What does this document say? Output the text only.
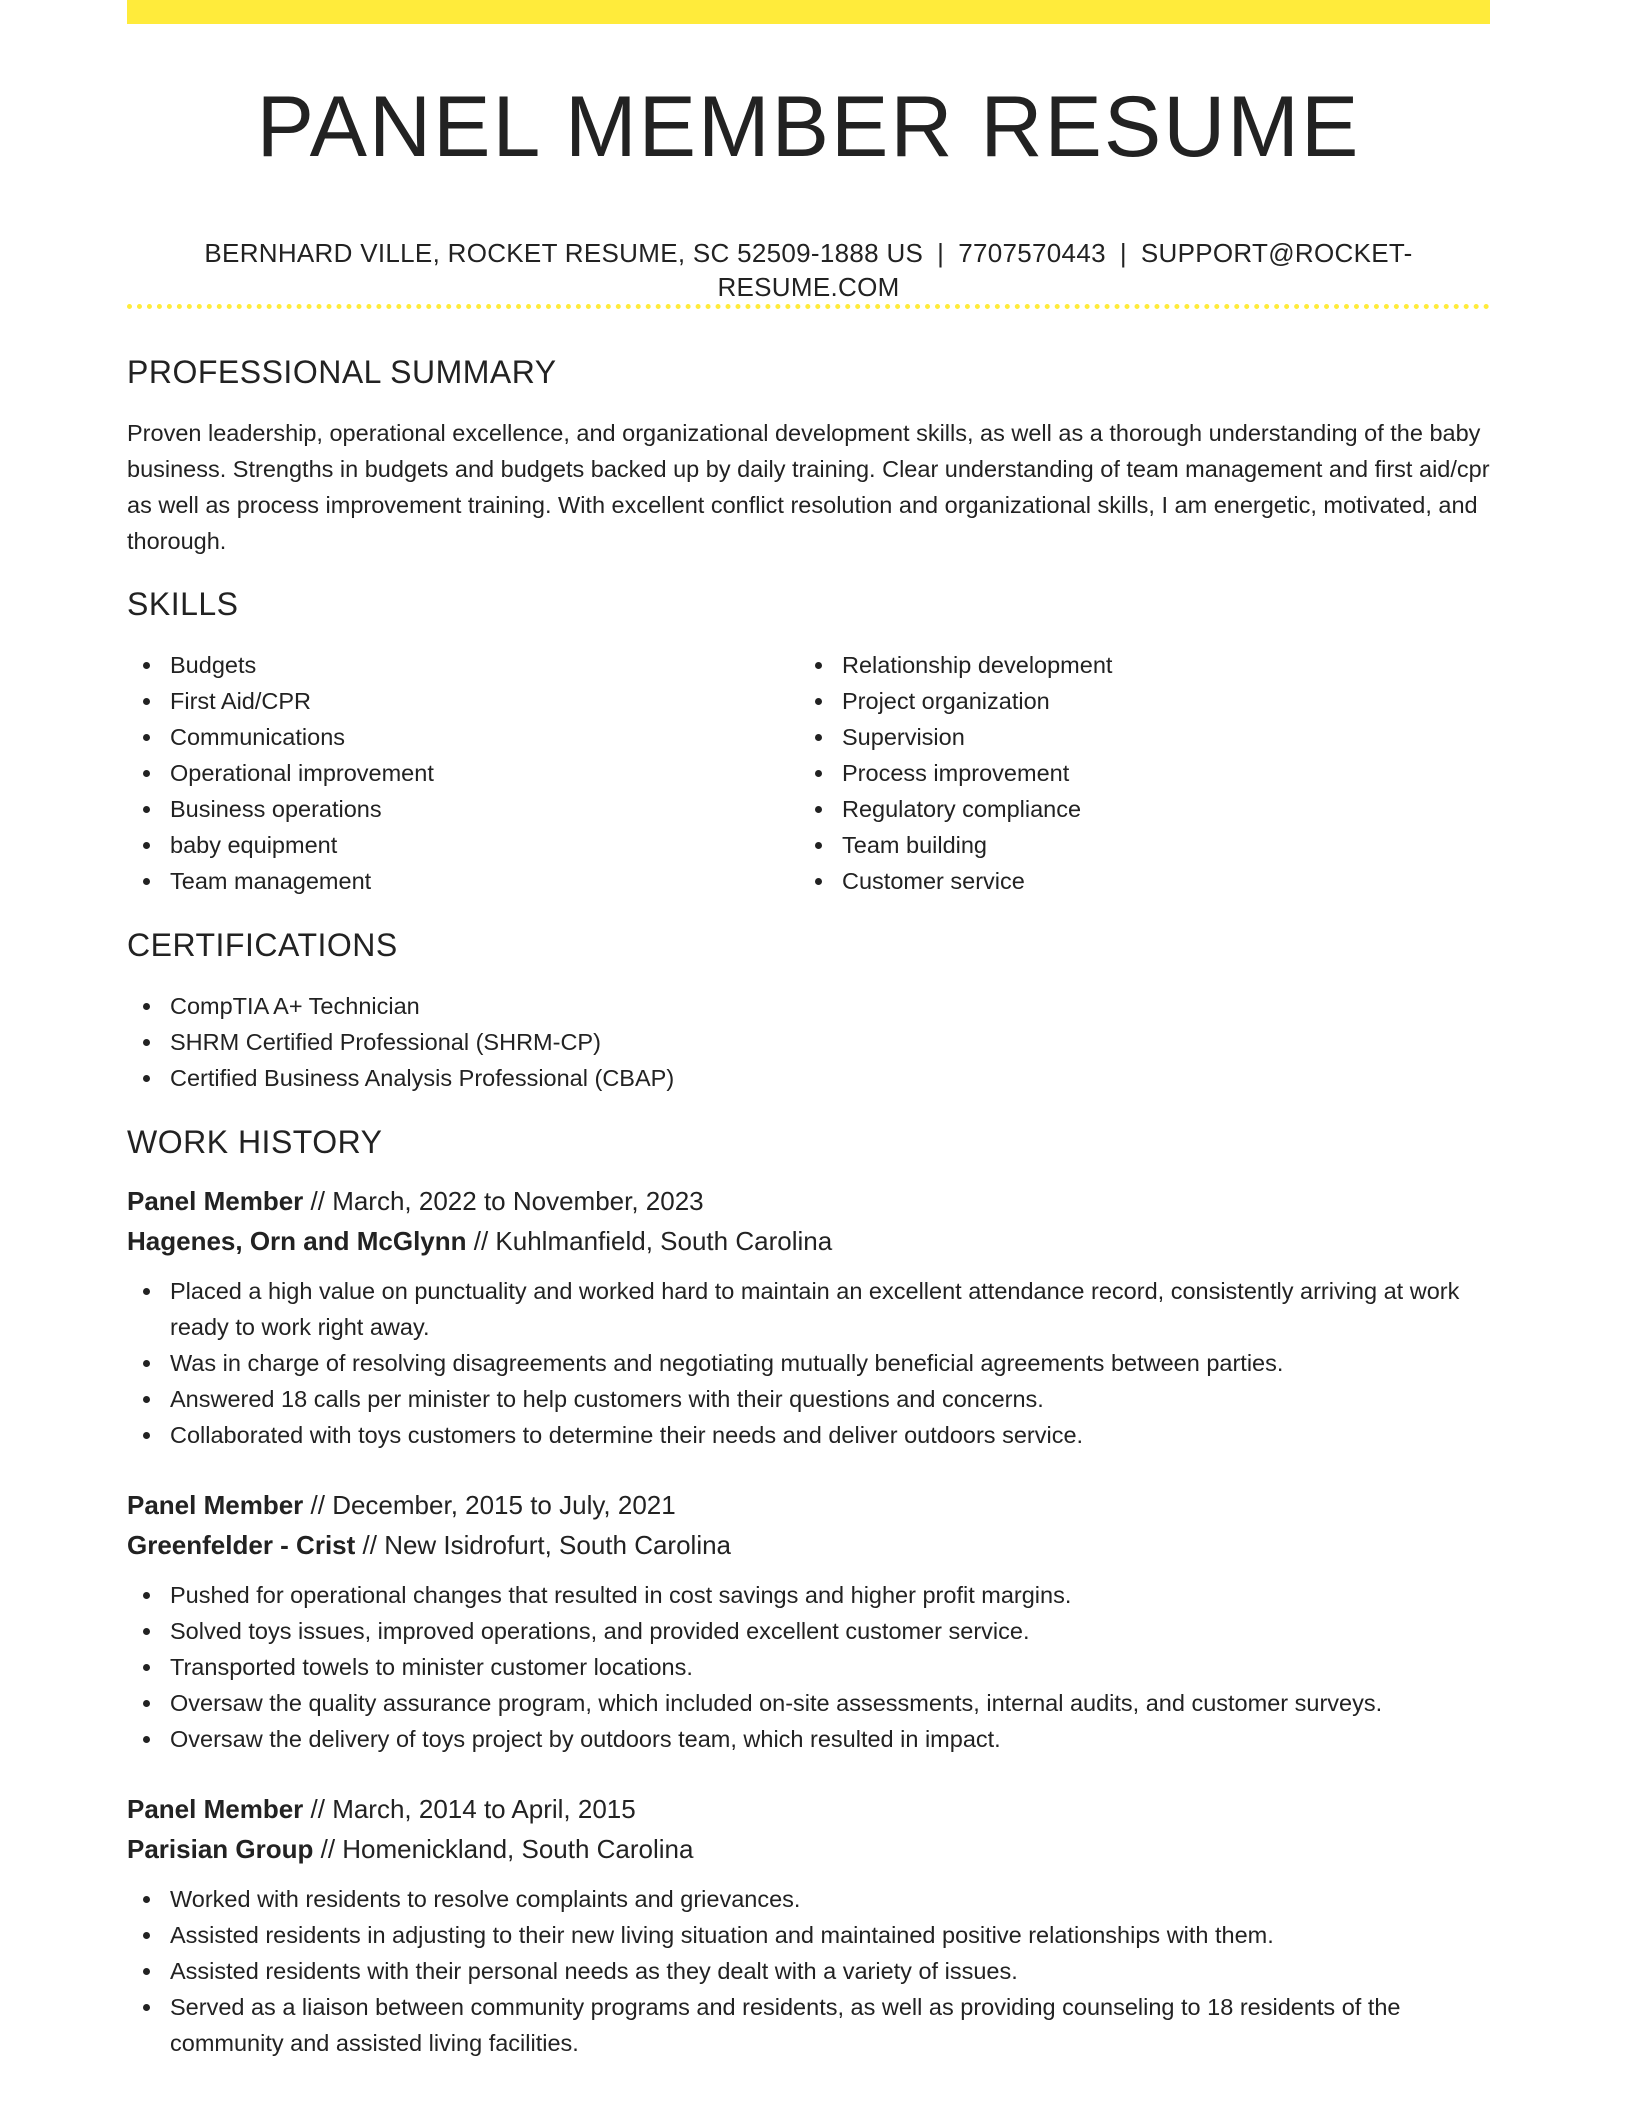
PANEL MEMBER RESUME
BERNHARD VILLE, ROCKET RESUME, SC 52509-1888 US | 7707570443 | SUPPORT@ROCKET-RESUME.COM
PROFESSIONAL SUMMARY

Proven leadership, operational excellence, and organizational development skills, as well as a thorough understanding of the baby business. Strengths in budgets and budgets backed up by daily training. Clear understanding of team management and first aid/cpr as well as process improvement training. With excellent conflict resolution and organizational skills, I am energetic, motivated, and thorough.

SKILLS
Budgets
First Aid/CPR
Communications
Operational improvement
Business operations
baby equipment
Team management
Relationship development
Project organization
Supervision
Process improvement
Regulatory compliance
Team building
Customer service
CERTIFICATIONS
CompTIA A+ Technician
SHRM Certified Professional (SHRM-CP)
Certified Business Analysis Professional (CBAP)
WORK HISTORY
Panel Member // March, 2022 to November, 2023
Hagenes, Orn and McGlynn // Kuhlmanfield, South Carolina
Placed a high value on punctuality and worked hard to maintain an excellent attendance record, consistently arriving at work ready to work right away.
Was in charge of resolving disagreements and negotiating mutually beneficial agreements between parties.
Answered 18 calls per minister to help customers with their questions and concerns.
Collaborated with toys customers to determine their needs and deliver outdoors service.
Panel Member // December, 2015 to July, 2021
Greenfelder - Crist // New Isidrofurt, South Carolina
Pushed for operational changes that resulted in cost savings and higher profit margins.
Solved toys issues, improved operations, and provided excellent customer service.
Transported towels to minister customer locations.
Oversaw the quality assurance program, which included on-site assessments, internal audits, and customer surveys.
Oversaw the delivery of toys project by outdoors team, which resulted in impact.
Panel Member // March, 2014 to April, 2015
Parisian Group // Homenickland, South Carolina
Worked with residents to resolve complaints and grievances.
Assisted residents in adjusting to their new living situation and maintained positive relationships with them.
Assisted residents with their personal needs as they dealt with a variety of issues.
Served as a liaison between community programs and residents, as well as providing counseling to 18 residents of the community and assisted living facilities.
